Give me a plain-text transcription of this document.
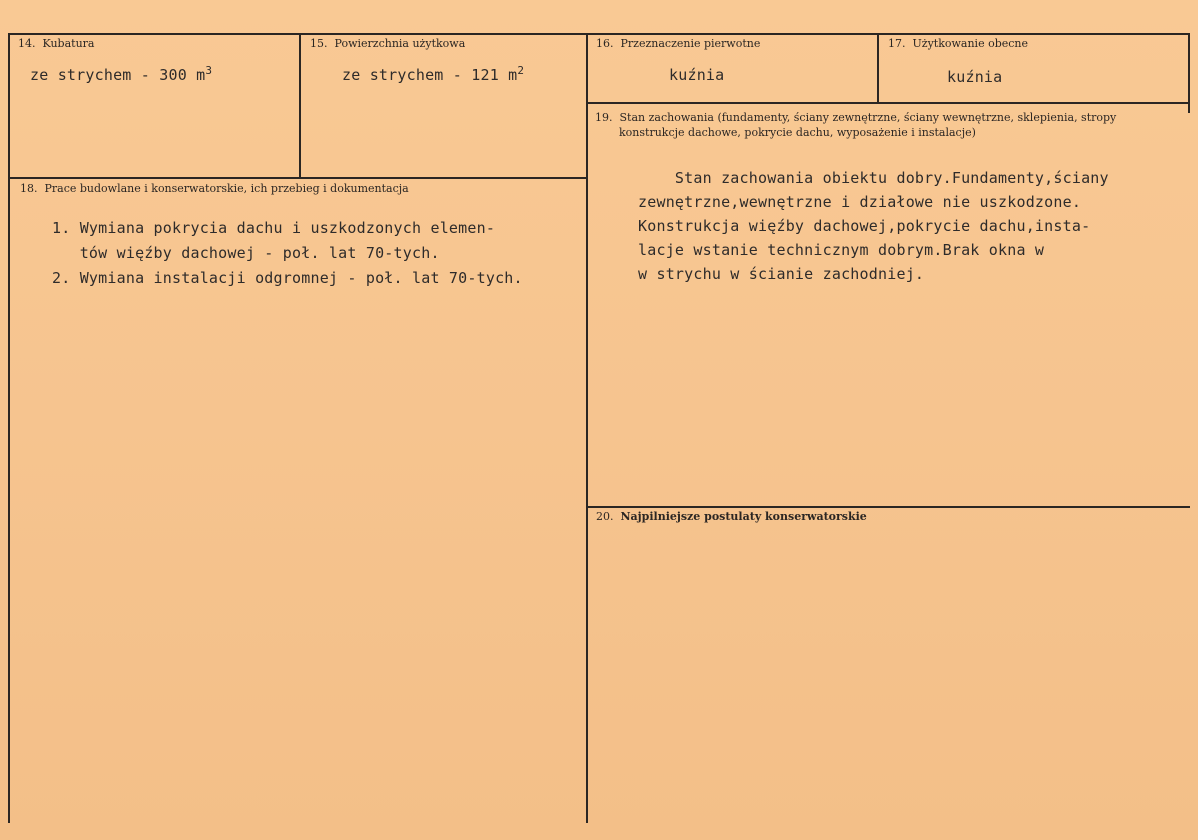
14. Kubatura
ze strychem - 300 $m^3$
15. Powierzchnia użytkowa
ze strychem - 121 $m^2$
16. Przeznaczenie pierwotne
kuźnia
17. Użytkowanie obecne
kuźnia
19. Stan zachowania (fundamenty, ściany zewnętrzne, ściany wewnętrzne, sklepienia, stropy
konstrukcje dachowe, pokrycie dachu, wyposażenie i instalacje)
Stan zachowania obiektu dobry.Fundamenty,ściany
zewnętrzne,wewnętrzne i działowe nie uszkodzone.
Konstrukcja więźby dachowej,pokrycie dachu,insta-
lacje wstanie technicznym dobrym.Brak okna w
w strychu w ścianie zachodniej.
18. Prace budowlane i konserwatorskie, ich przebieg i dokumentacja
1. Wymiana pokrycia dachu i uszkodzonych elemen-
tów więźby dachowej - poł. lat 70-tych.
2. Wymiana instalacji odgromnej - poł. lat 70-tych.
20. Najpilniejsze postulaty konserwatorskie
